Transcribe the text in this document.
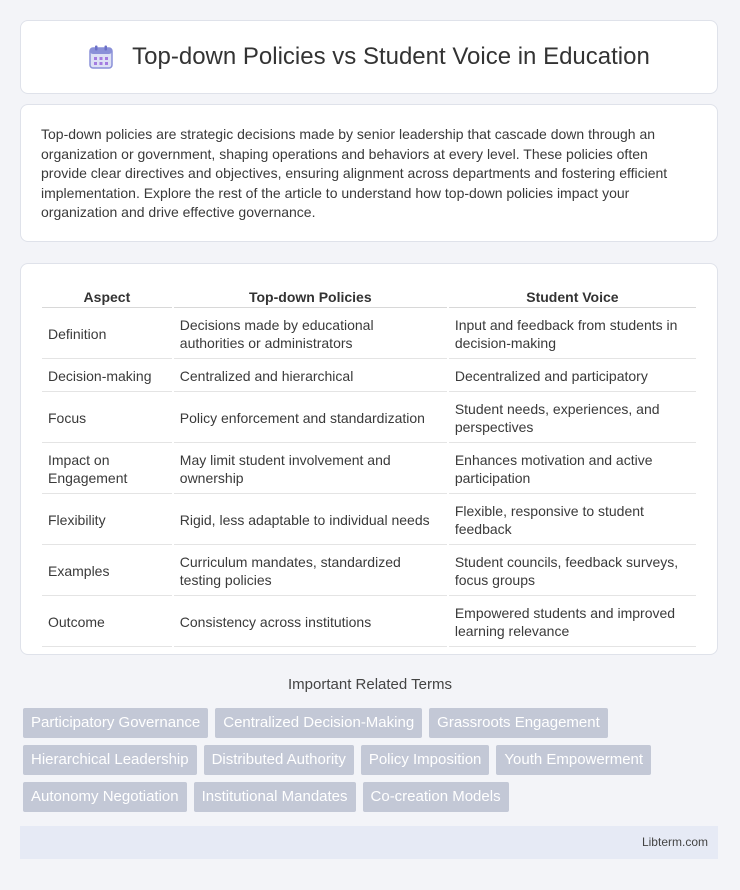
Top-down Policies vs Student Voice in Education

Top-down policies are strategic decisions made by senior leadership that cascade down through an organization or government, shaping operations and behaviors at every level. These policies often provide clear directives and objectives, ensuring alignment across departments and fostering efficient implementation. Explore the rest of the article to understand how top-down policies impact your organization and drive effective governance.

Aspect	Top-down Policies	Student Voice
Definition	Decisions made by educational authorities or administrators	Input and feedback from students in decision-making
Decision-making	Centralized and hierarchical	Decentralized and participatory
Focus	Policy enforcement and standardization	Student needs, experiences, and perspectives
Impact on Engagement	May limit student involvement and ownership	Enhances motivation and active participation
Flexibility	Rigid, less adaptable to individual needs	Flexible, responsive to student feedback
Examples	Curriculum mandates, standardized testing policies	Student councils, feedback surveys, focus groups
Outcome	Consistency across institutions	Empowered students and improved learning relevance
Important Related Terms
Participatory Governance	Centralized Decision-Making	Grassroots Engagement
Hierarchical Leadership	Distributed Authority	Policy Imposition	Youth Empowerment
Autonomy Negotiation	Institutional Mandates	Co-creation Models
Libterm.com
